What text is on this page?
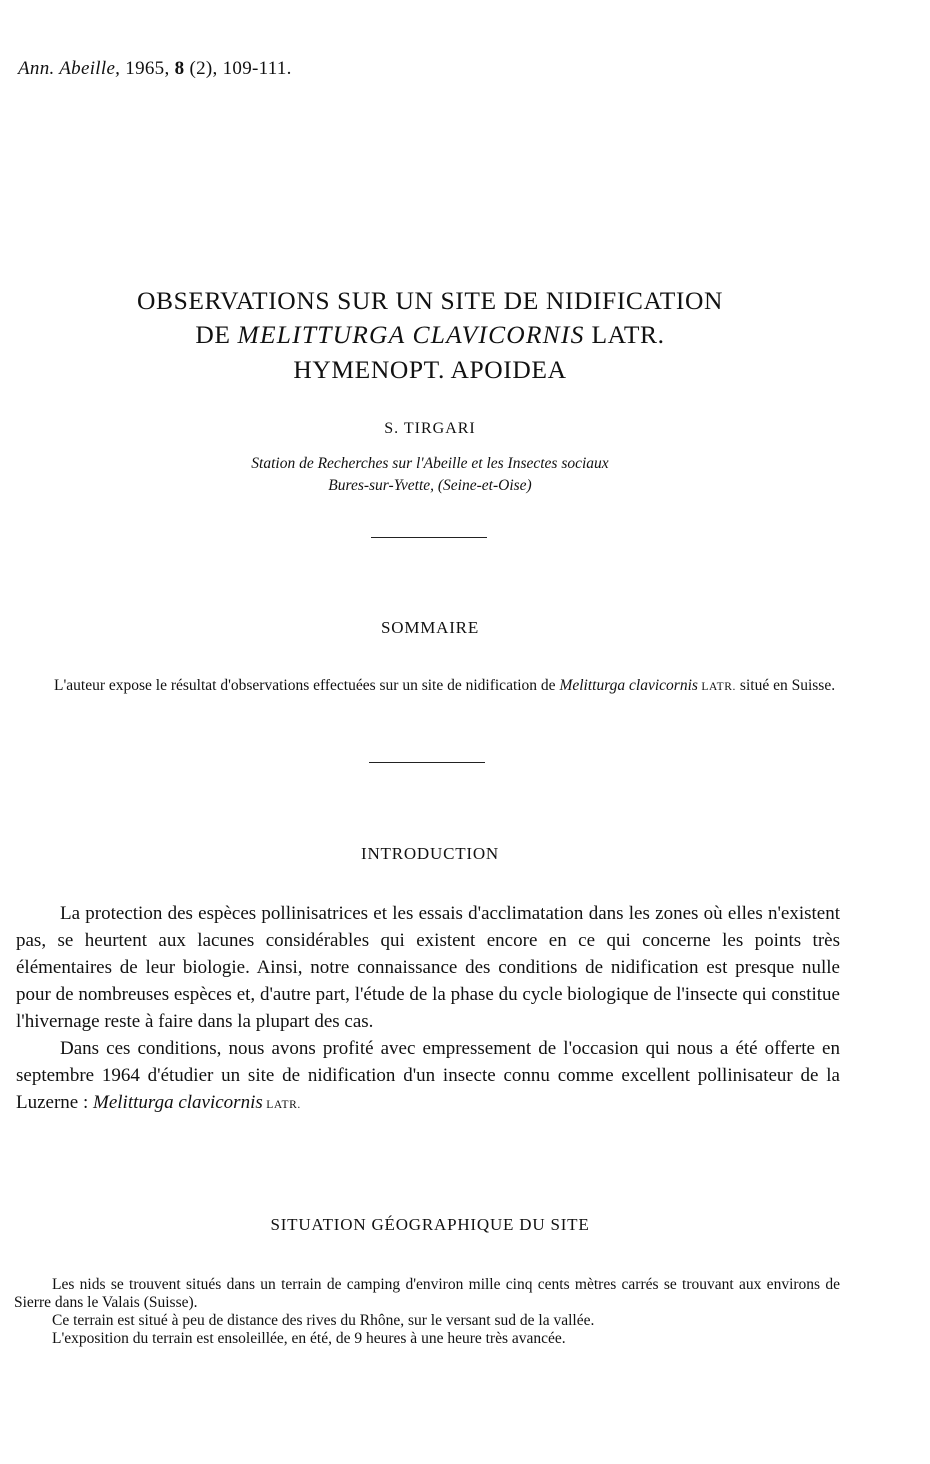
Ann. Abeille, 1965, 8 (2), 109-111.
OBSERVATIONS SUR UN SITE DE NIDIFICATION
DE MELITTURGA CLAVICORNIS LATR.
HYMENOPT. APOIDEA
S. TIRGARI
Station de Recherches sur l'Abeille et les Insectes sociaux
Bures-sur-Yvette, (Seine-et-Oise)
SOMMAIRE
L'auteur expose le résultat d'observations effectuées sur un site de nidification de Melitturga clavicornis LATR. situé en Suisse.
INTRODUCTION

La protection des espèces pollinisatrices et les essais d'acclimatation dans les zones où elles n'existent pas, se heurtent aux lacunes considérables qui existent encore en ce qui concerne les points très élémentaires de leur biologie. Ainsi, notre connaissance des conditions de nidification est presque nulle pour de nombreuses espèces et, d'autre part, l'étude de la phase du cycle biologique de l'insecte qui constitue l'hivernage reste à faire dans la plupart des cas.

Dans ces conditions, nous avons profité avec empressement de l'occasion qui nous a été offerte en septembre 1964 d'étudier un site de nidification d'un insecte connu comme excellent pollinisateur de la Luzerne : Melitturga clavicornis LATR.

SITUATION GÉOGRAPHIQUE DU SITE

Les nids se trouvent situés dans un terrain de camping d'environ mille cinq cents mètres carrés se trouvant aux environs de Sierre dans le Valais (Suisse).

Ce terrain est situé à peu de distance des rives du Rhône, sur le versant sud de la vallée.

L'exposition du terrain est ensoleillée, en été, de 9 heures à une heure très avancée.
